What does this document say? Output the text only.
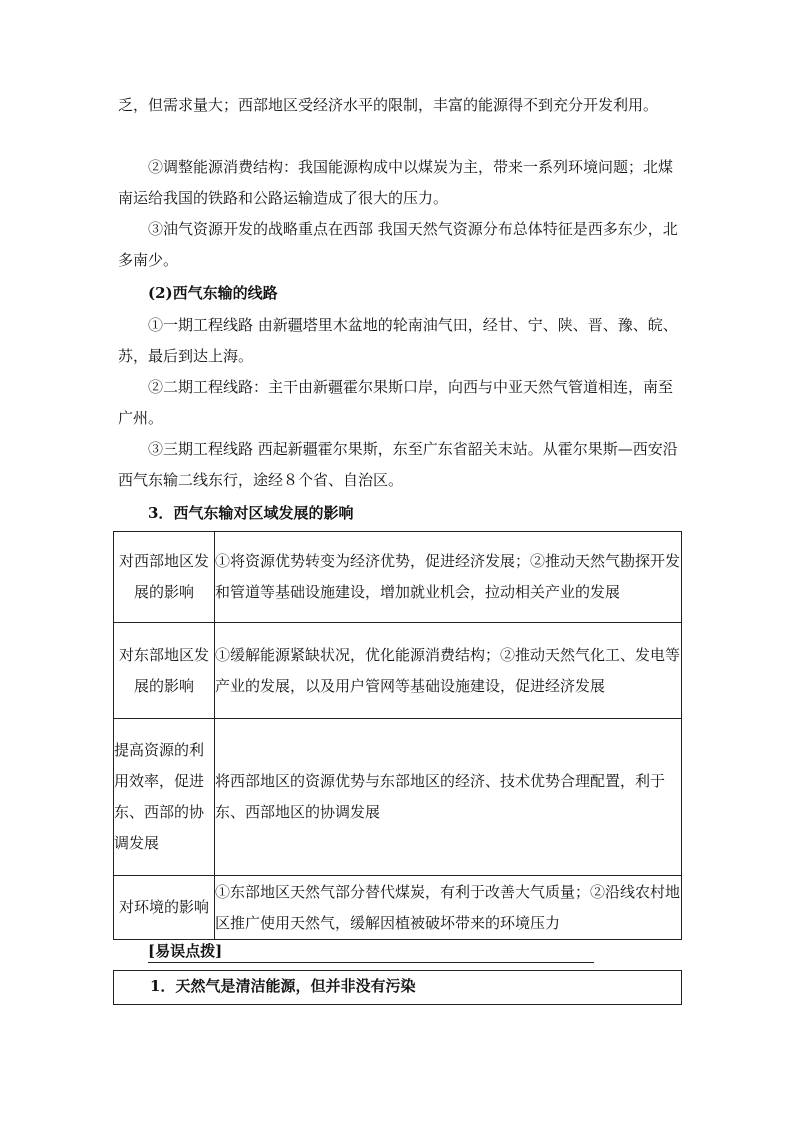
乏，但需求量大；西部地区受经济水平的限制，丰富的能源得不到充分开发利用。

②调整能源消费结构：我国能源构成中以煤炭为主，带来一系列环境问题；北煤南运给我国的铁路和公路运输造成了很大的压力。

③油气资源开发的战略重点在西部 我国天然气资源分布总体特征是西多东少，北多南少。

(2)西气东输的线路

①一期工程线路 由新疆塔里木盆地的轮南油气田，经甘、宁、陕、晋、豫、皖、苏，最后到达上海。

②二期工程线路：主干由新疆霍尔果斯口岸，向西与中亚天然气管道相连，南至广州。

③三期工程线路 西起新疆霍尔果斯，东至广东省韶关末站。从霍尔果斯—西安沿西气东输二线东行，途经８个省、自治区。

3．西气东输对区域发展的影响

对西部地区发展的影响	①将资源优势转变为经济优势，促进经济发展；②推动天然气勘探开发和管道等基础设施建设，增加就业机会，拉动相关产业的发展
对东部地区发展的影响	①缓解能源紧缺状况，优化能源消费结构；②推动天然气化工、发电等产业的发展，以及用户管网等基础设施建设，促进经济发展
提高资源的利用效率，促进东、西部的协调发展	将西部地区的资源优势与东部地区的经济、技术优势合理配置，利于东、西部地区的协调发展
对环境的影响	①东部地区天然气部分替代煤炭，有利于改善大气质量；②沿线农村地区推广使用天然气，缓解因植被破坏带来的环境压力

[易误点拨]

1．天然气是清洁能源，但并非没有污染
